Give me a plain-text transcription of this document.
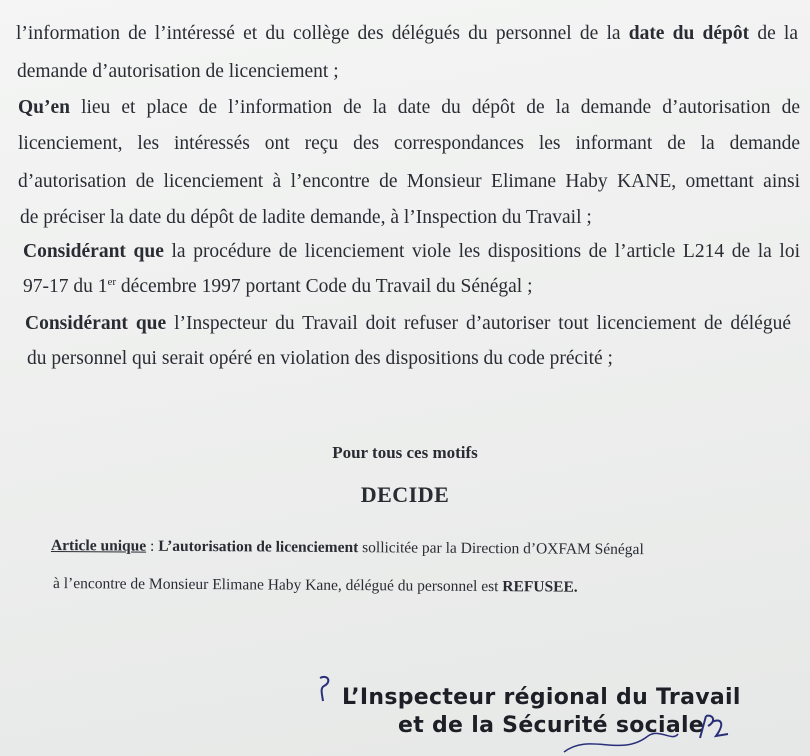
l’information de l’intéressé et du collège des délégués du personnel de la date du dépôt de la
demande d’autorisation de licenciement ;
Qu’en lieu et place de l’information de la date du dépôt de la demande d’autorisation de
licenciement, les intéressés ont reçu des correspondances les informant de la demande
d’autorisation de licenciement à l’encontre de Monsieur Elimane Haby KANE, omettant ainsi
de préciser la date du dépôt de ladite demande, à l’Inspection du Travail ;
Considérant que la procédure de licenciement viole les dispositions de l’article L214 de la loi
97-17 du 1er décembre 1997 portant Code du Travail du Sénégal ;
Considérant que l’Inspecteur du Travail doit refuser d’autoriser tout licenciement de délégué
du personnel qui serait opéré en violation des dispositions du code précité ;
Pour tous ces motifs
DECIDE
Article unique : L’autorisation de licenciement sollicitée par la Direction d’OXFAM Sénégal
à l’encontre de Monsieur Elimane Haby Kane, délégué du personnel est REFUSEE.
L’Inspecteur régional du Travail
et de la Sécurité sociale
